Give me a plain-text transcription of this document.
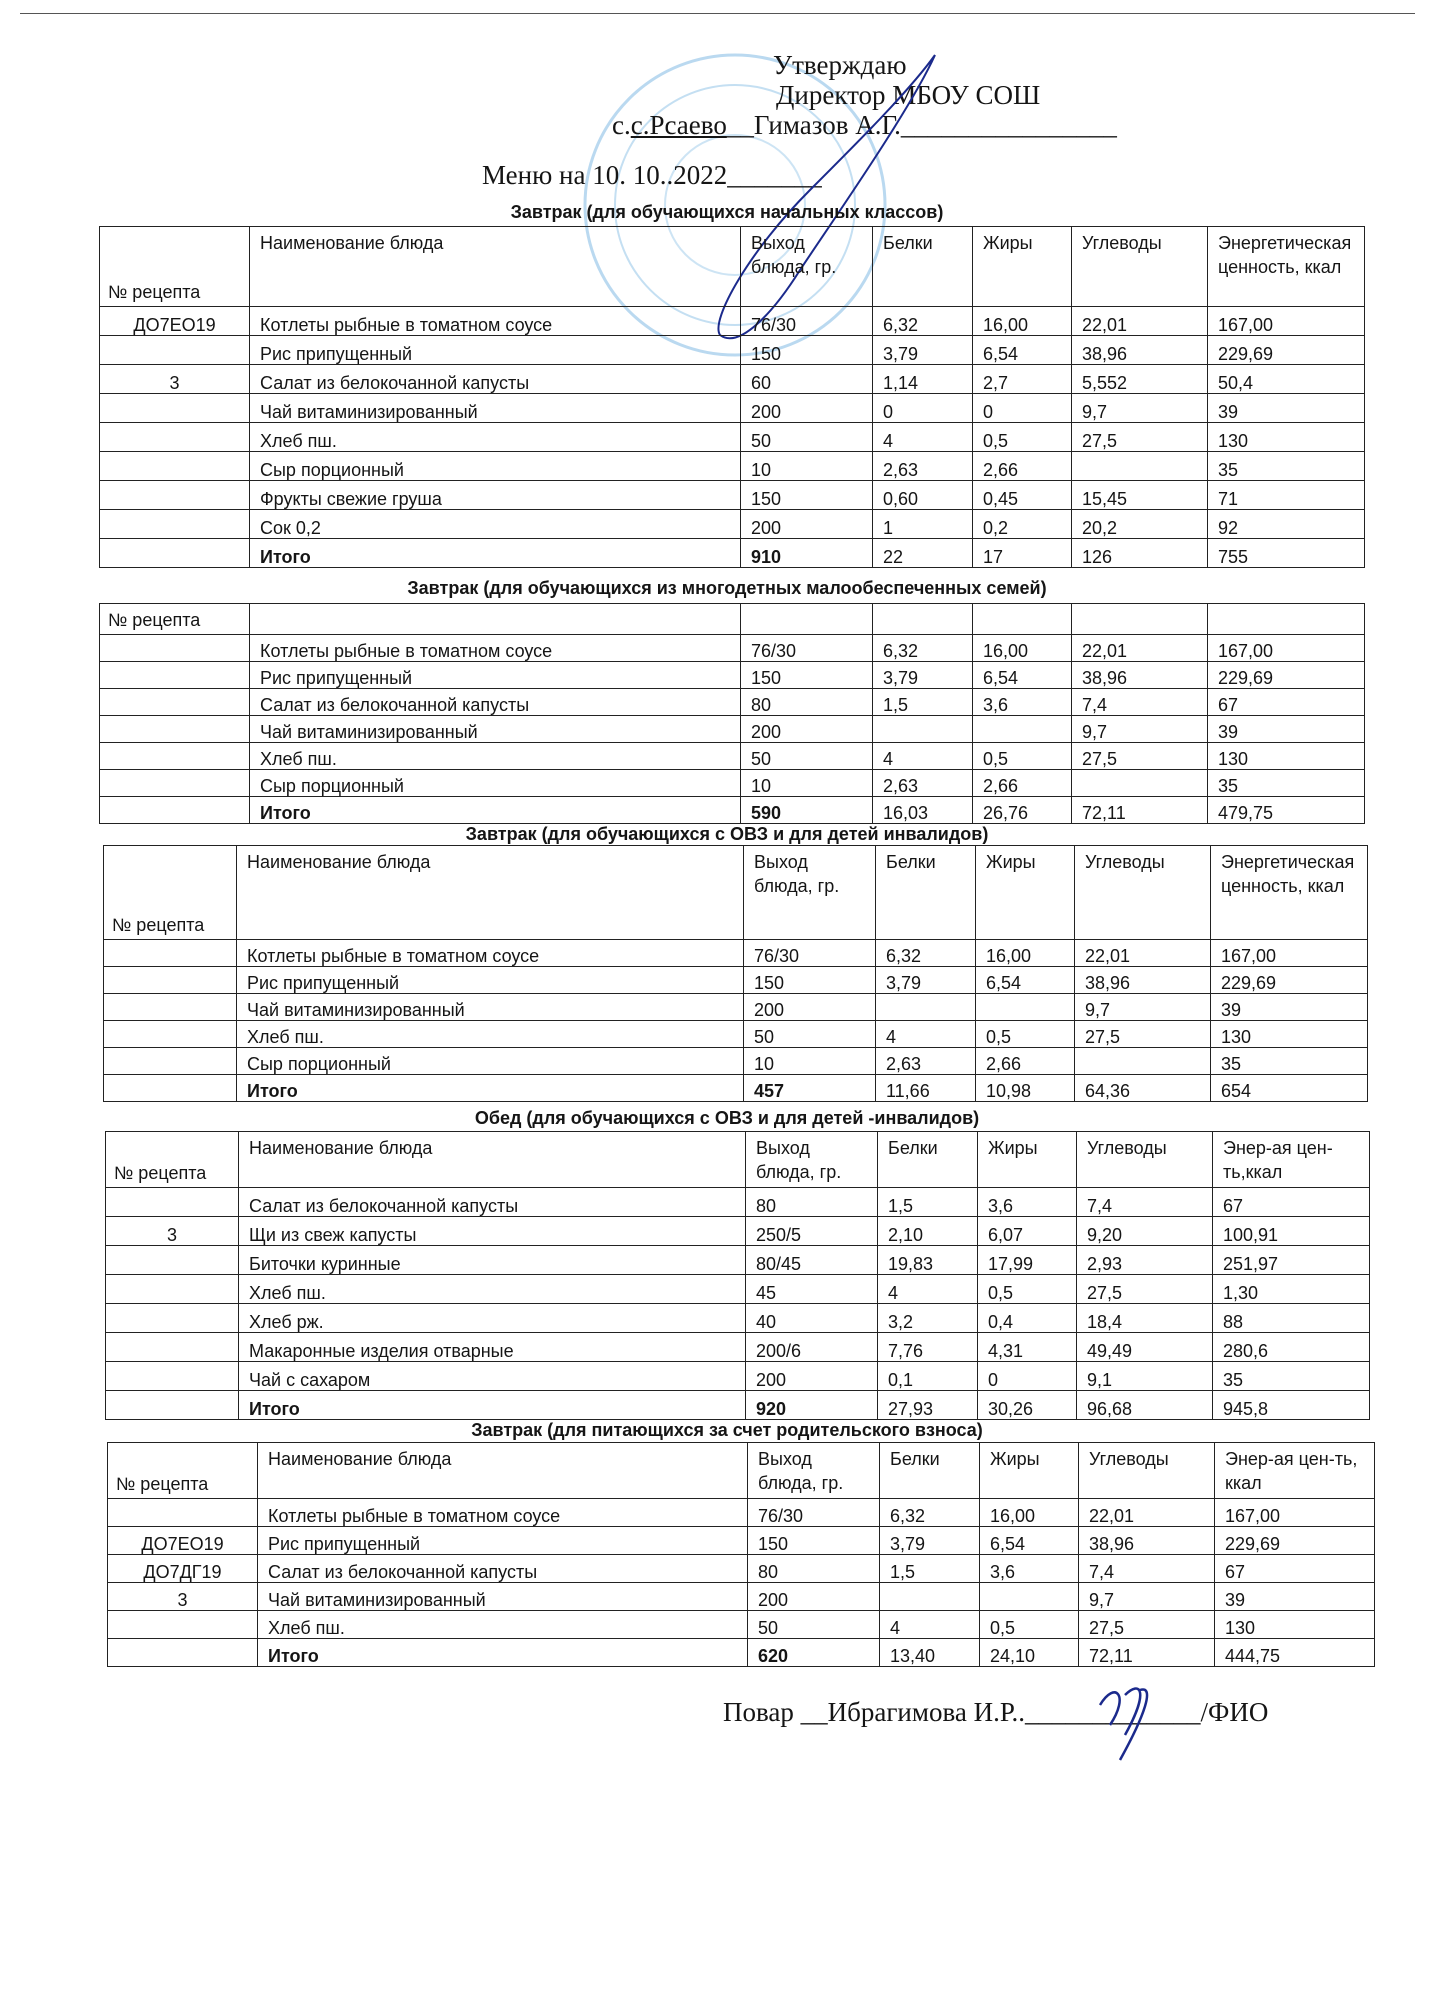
Утверждаю
Директор МБОУ СОШ
с.с.Рсаево__Гимазов А.Г.________________
Меню на 10. 10..2022_______
Завтрак (для обучающихся начальных классов)
№ рецепта	Наименование блюда	Выход блюда, гр.	Белки	Жиры	Углеводы	Энергетическая ценность, ккал
ДО7ЕО19	Котлеты рыбные в томатном соусе	76/30	6,32	16,00	22,01	167,00
	Рис припущенный	150	3,79	6,54	38,96	229,69
3	Салат из белокочанной капусты	60	1,14	2,7	5,552	50,4
	Чай витаминизированный	200	0	0	9,7	39
	Хлеб пш.	50	4	0,5	27,5	130
	Сыр порционный	10	2,63	2,66		35
	Фрукты свежие груша	150	0,60	0,45	15,45	71
	Сок 0,2	200	1	0,2	20,2	92
	Итого	910	22	17	126	755
Завтрак (для обучающихся из многодетных малообеспеченных семей)
№ рецепта						
	Котлеты рыбные в томатном соусе	76/30	6,32	16,00	22,01	167,00
	Рис припущенный	150	3,79	6,54	38,96	229,69
	Салат из белокочанной капусты	80	1,5	3,6	7,4	67
	Чай витаминизированный	200			9,7	39
	Хлеб пш.	50	4	0,5	27,5	130
	Сыр порционный	10	2,63	2,66		35
	Итого	590	16,03	26,76	72,11	479,75
Завтрак (для обучающихся с ОВЗ и для детей инвалидов)
№ рецепта	Наименование блюда	Выход блюда, гр.	Белки	Жиры	Углеводы	Энергетическая ценность, ккал
	Котлеты рыбные в томатном соусе	76/30	6,32	16,00	22,01	167,00
	Рис припущенный	150	3,79	6,54	38,96	229,69
	Чай витаминизированный	200			9,7	39
	Хлеб пш.	50	4	0,5	27,5	130
	Сыр порционный	10	2,63	2,66		35
	Итого	457	11,66	10,98	64,36	654
Обед (для обучающихся с ОВЗ и для детей -инвалидов)
№ рецепта	Наименование блюда	Выход блюда, гр.	Белки	Жиры	Углеводы	Энер-ая цен-ть,ккал
	Салат из белокочанной капусты	80	1,5	3,6	7,4	67
3	Щи из свеж капусты	250/5	2,10	6,07	9,20	100,91
	Биточки куринные	80/45	19,83	17,99	2,93	251,97
	Хлеб пш.	45	4	0,5	27,5	1,30
	Хлеб рж.	40	3,2	0,4	18,4	88
	Макаронные изделия отварные	200/6	7,76	4,31	49,49	280,6
	Чай с сахаром	200	0,1	0	9,1	35
	Итого	920	27,93	30,26	96,68	945,8
Завтрак (для питающихся за счет родительского взноса)
№ рецепта	Наименование блюда	Выход блюда, гр.	Белки	Жиры	Углеводы	Энер-ая цен-ть, ккал
	Котлеты рыбные в томатном соусе	76/30	6,32	16,00	22,01	167,00
ДО7ЕО19	Рис припущенный	150	3,79	6,54	38,96	229,69
ДО7ДГ19	Салат из белокочанной капусты	80	1,5	3,6	7,4	67
3	Чай витаминизированный	200			9,7	39
	Хлеб пш.	50	4	0,5	27,5	130
	Итого	620	13,40	24,10	72,11	444,75
Повар __Ибрагимова И.Р.._____________/ФИО
